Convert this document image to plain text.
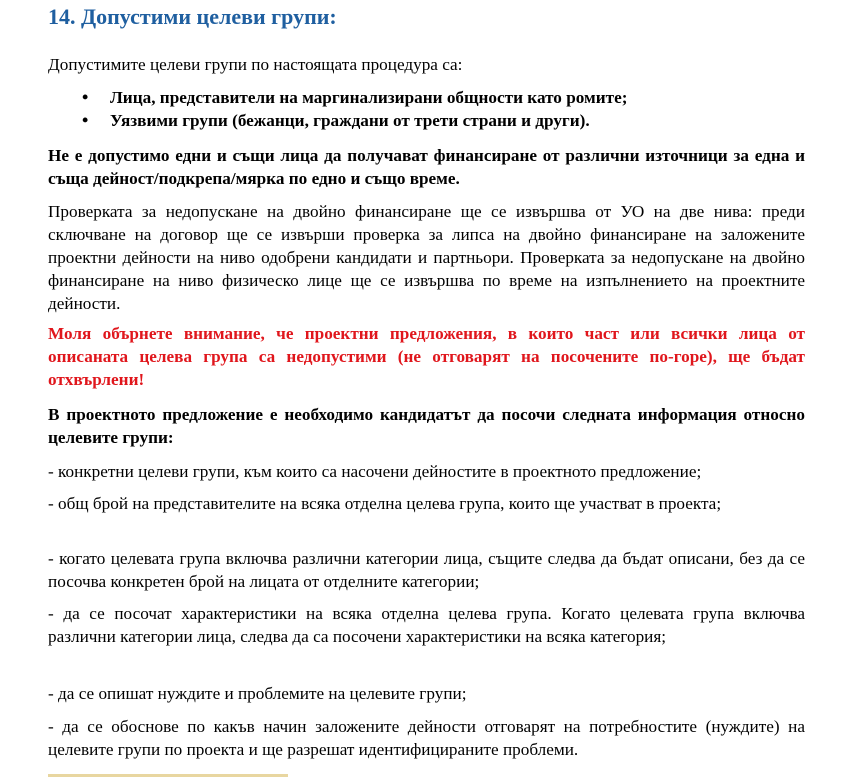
14. Допустими целеви групи:

Допустимите целеви групи по настоящата процедура са:

• Лица, представители на маргинализирани общности като ромите;
• Уязвими групи (бежанци, граждани от трети страни и други).

Не е допустимо едни и същи лица да получават финансиране от различни източници за една и съща дейност/подкрепа/мярка по едно и също време.

Проверката за недопускане на двойно финансиране ще се извършва от УО на две нива: преди сключване на договор ще се извърши проверка за липса на двойно финансиране на заложените проектни дейности на ниво одобрени кандидати и партньори. Проверката за недопускане на двойно финансиране на ниво физическо лице ще се извършва по време на изпълнението на проектните дейности.

Моля обърнете внимание, че проектни предложения, в които част или всички лица от описаната целева група са недопустими (не отговарят на посочените по-горе), ще бъдат отхвърлени!

В проектното предложение е необходимо кандидатът да посочи следната информация относно целевите групи:

- конкретни целеви групи, към които са насочени дейностите в проектното предложение;

- общ брой на представителите на всяка отделна целева група, които ще участват в проекта;

- когато целевата група включва различни категории лица, същите следва да бъдат описани, без да се посочва конкретен брой на лицата от отделните категории;

- да се посочат характеристики на всяка отделна целева група. Когато целевата група включва различни категории лица, следва да са посочени характеристики на всяка категория;

- да се опишат нуждите и проблемите на целевите групи;

- да се обоснове по какъв начин заложените дейности отговарят на потребностите (нуждите) на целевите групи по проекта и ще разрешат идентифицираните проблеми.
